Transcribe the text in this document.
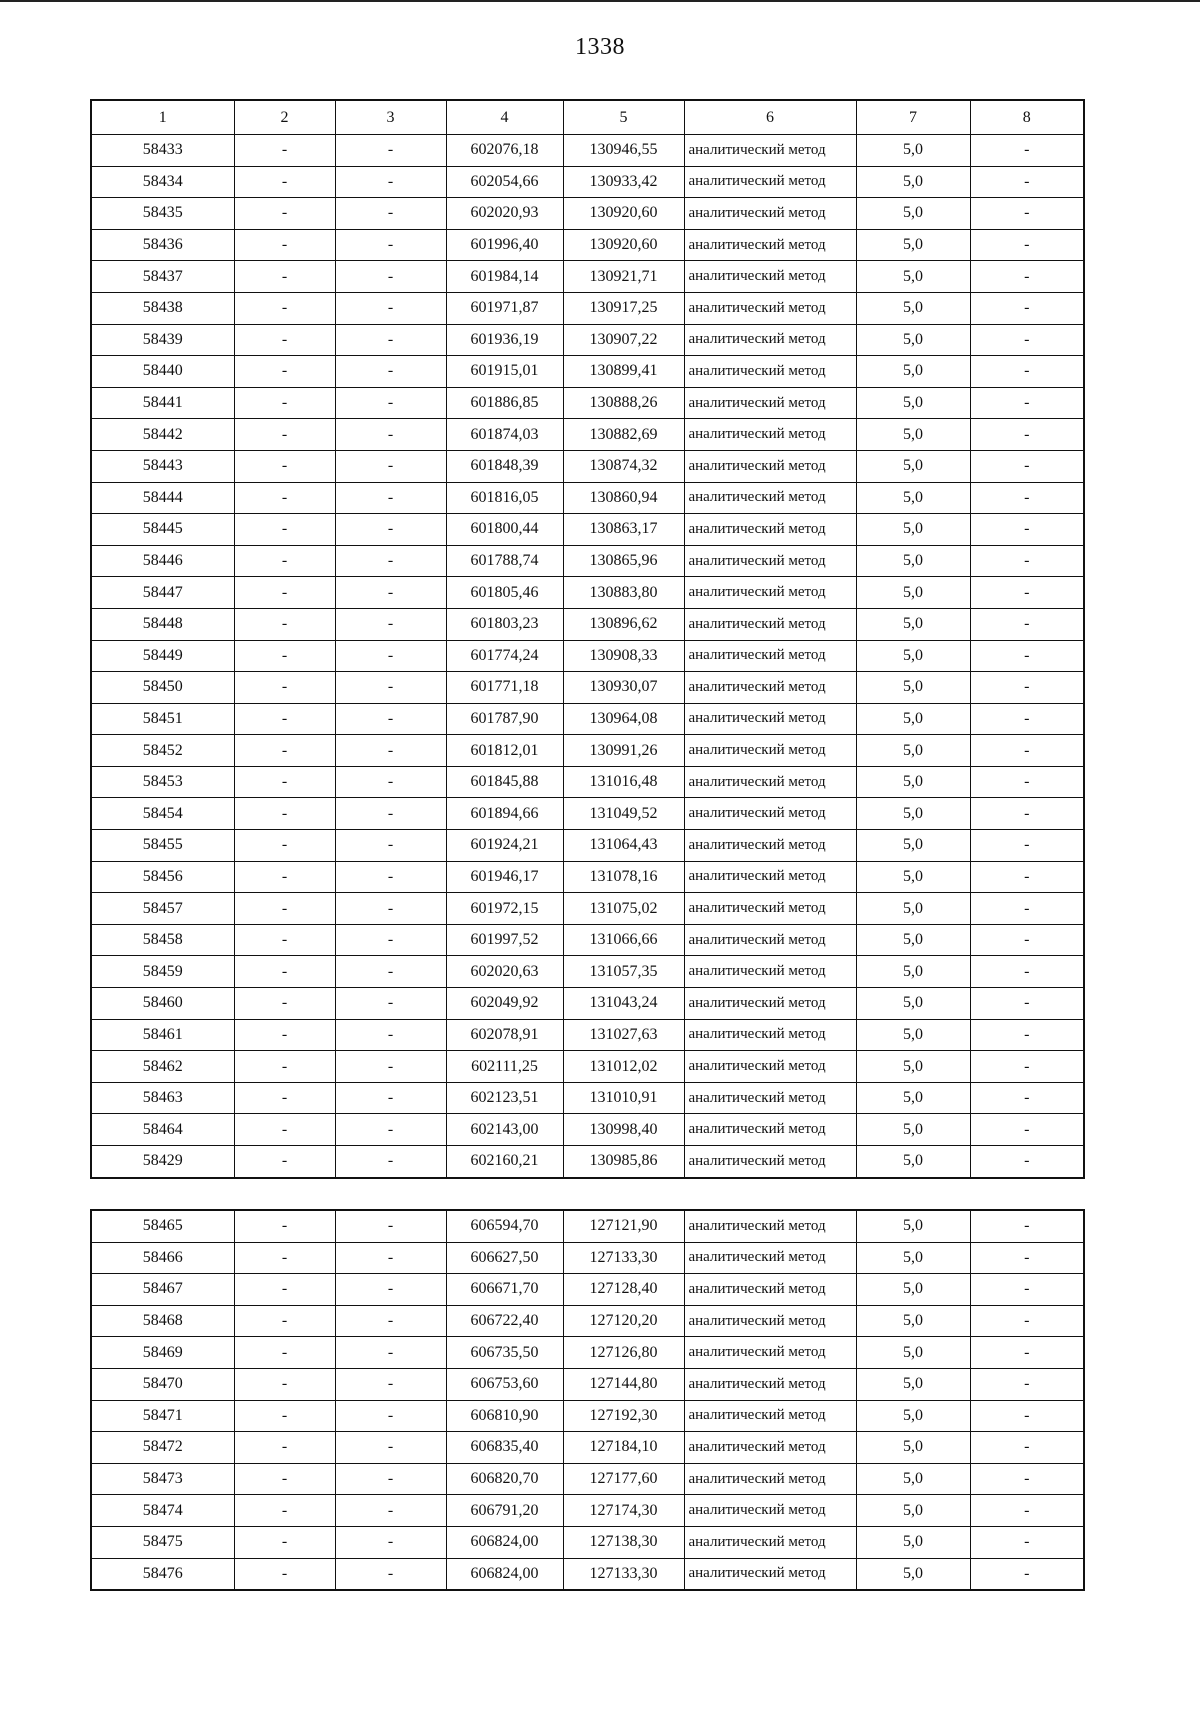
1338
1	2	3	4	5	6	7	8
58433	-	-	602076,18	130946,55	аналитический метод	5,0	-
58434	-	-	602054,66	130933,42	аналитический метод	5,0	-
58435	-	-	602020,93	130920,60	аналитический метод	5,0	-
58436	-	-	601996,40	130920,60	аналитический метод	5,0	-
58437	-	-	601984,14	130921,71	аналитический метод	5,0	-
58438	-	-	601971,87	130917,25	аналитический метод	5,0	-
58439	-	-	601936,19	130907,22	аналитический метод	5,0	-
58440	-	-	601915,01	130899,41	аналитический метод	5,0	-
58441	-	-	601886,85	130888,26	аналитический метод	5,0	-
58442	-	-	601874,03	130882,69	аналитический метод	5,0	-
58443	-	-	601848,39	130874,32	аналитический метод	5,0	-
58444	-	-	601816,05	130860,94	аналитический метод	5,0	-
58445	-	-	601800,44	130863,17	аналитический метод	5,0	-
58446	-	-	601788,74	130865,96	аналитический метод	5,0	-
58447	-	-	601805,46	130883,80	аналитический метод	5,0	-
58448	-	-	601803,23	130896,62	аналитический метод	5,0	-
58449	-	-	601774,24	130908,33	аналитический метод	5,0	-
58450	-	-	601771,18	130930,07	аналитический метод	5,0	-
58451	-	-	601787,90	130964,08	аналитический метод	5,0	-
58452	-	-	601812,01	130991,26	аналитический метод	5,0	-
58453	-	-	601845,88	131016,48	аналитический метод	5,0	-
58454	-	-	601894,66	131049,52	аналитический метод	5,0	-
58455	-	-	601924,21	131064,43	аналитический метод	5,0	-
58456	-	-	601946,17	131078,16	аналитический метод	5,0	-
58457	-	-	601972,15	131075,02	аналитический метод	5,0	-
58458	-	-	601997,52	131066,66	аналитический метод	5,0	-
58459	-	-	602020,63	131057,35	аналитический метод	5,0	-
58460	-	-	602049,92	131043,24	аналитический метод	5,0	-
58461	-	-	602078,91	131027,63	аналитический метод	5,0	-
58462	-	-	602111,25	131012,02	аналитический метод	5,0	-
58463	-	-	602123,51	131010,91	аналитический метод	5,0	-
58464	-	-	602143,00	130998,40	аналитический метод	5,0	-
58429	-	-	602160,21	130985,86	аналитический метод	5,0	-
58465	-	-	606594,70	127121,90	аналитический метод	5,0	-
58466	-	-	606627,50	127133,30	аналитический метод	5,0	-
58467	-	-	606671,70	127128,40	аналитический метод	5,0	-
58468	-	-	606722,40	127120,20	аналитический метод	5,0	-
58469	-	-	606735,50	127126,80	аналитический метод	5,0	-
58470	-	-	606753,60	127144,80	аналитический метод	5,0	-
58471	-	-	606810,90	127192,30	аналитический метод	5,0	-
58472	-	-	606835,40	127184,10	аналитический метод	5,0	-
58473	-	-	606820,70	127177,60	аналитический метод	5,0	-
58474	-	-	606791,20	127174,30	аналитический метод	5,0	-
58475	-	-	606824,00	127138,30	аналитический метод	5,0	-
58476	-	-	606824,00	127133,30	аналитический метод	5,0	-
